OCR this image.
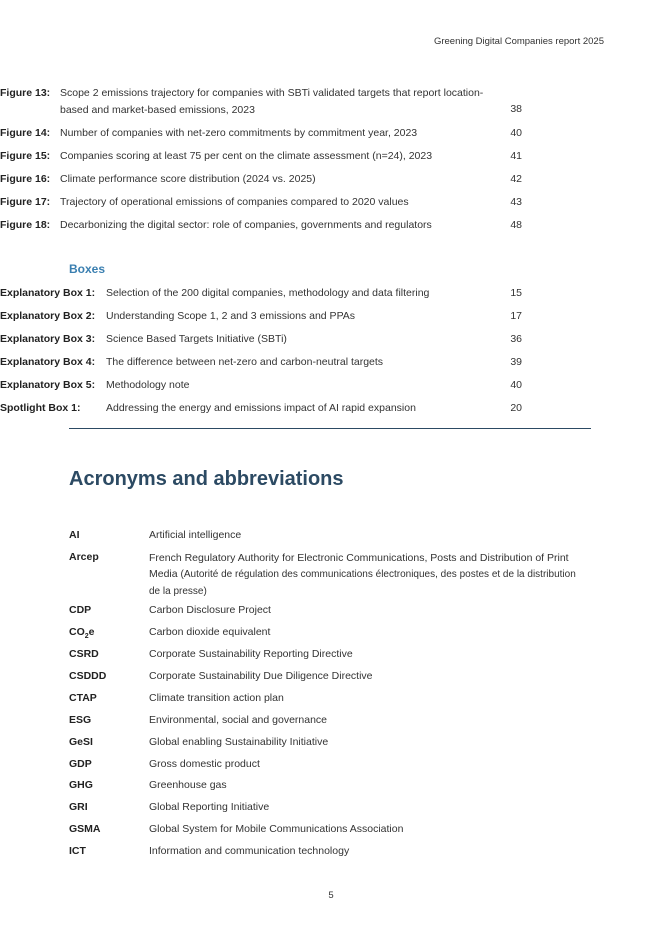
Greening Digital Companies report 2025
Figure 13: Scope 2 emissions trajectory for companies with SBTi validated targets that report location-based and market-based emissions, 2023	38
Figure 14: Number of companies with net-zero commitments by commitment year, 2023	40
Figure 15: Companies scoring at least 75 per cent on the climate assessment (n=24), 2023	41
Figure 16: Climate performance score distribution (2024 vs. 2025)	42
Figure 17: Trajectory of operational emissions of companies compared to 2020 values	43
Figure 18: Decarbonizing the digital sector: role of companies, governments and regulators	48
Boxes
Explanatory Box 1: Selection of the 200 digital companies, methodology and data filtering	15
Explanatory Box 2: Understanding Scope 1, 2 and 3 emissions and PPAs	17
Explanatory Box 3: Science Based Targets Initiative (SBTi)	36
Explanatory Box 4: The difference between net-zero and carbon-neutral targets	39
Explanatory Box 5: Methodology note	40
Spotlight Box 1: Addressing the energy and emissions impact of AI rapid expansion	20
Acronyms and abbreviations
AI	Artificial intelligence
Arcep	French Regulatory Authority for Electronic Communications, Posts and Distribution of Print Media (Autorité de régulation des communications électroniques, des postes et de la distribution de la presse)
CDP	Carbon Disclosure Project
$CO_2e$	Carbon dioxide equivalent
CSRD	Corporate Sustainability Reporting Directive
CSDDD	Corporate Sustainability Due Diligence Directive
CTAP	Climate transition action plan
ESG	Environmental, social and governance
GeSI	Global enabling Sustainability Initiative
GDP	Gross domestic product
GHG	Greenhouse gas
GRI	Global Reporting Initiative
GSMA	Global System for Mobile Communications Association
ICT	Information and communication technology
5
